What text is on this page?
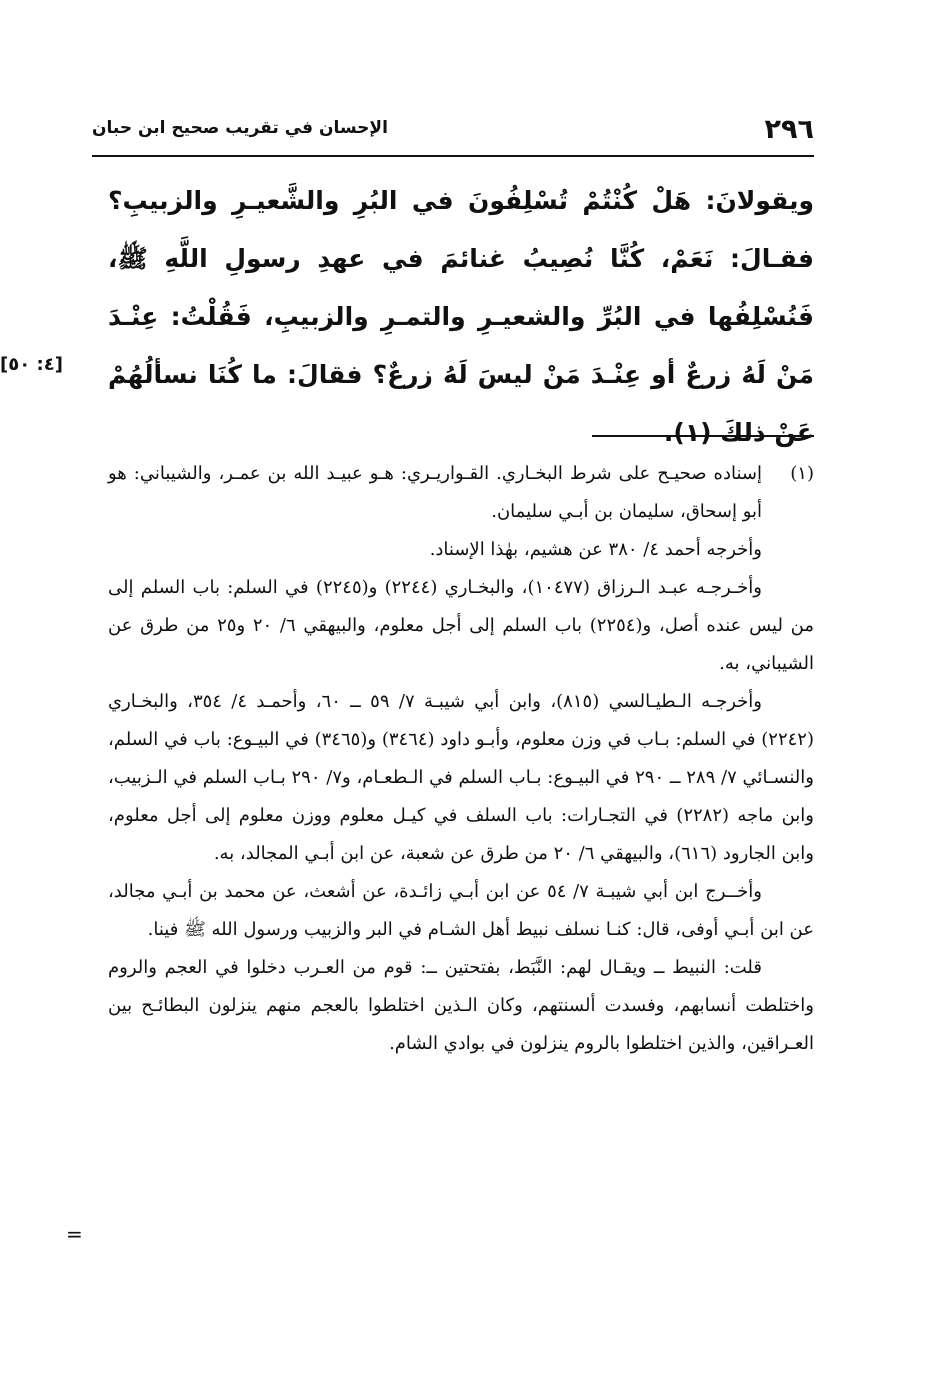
٢٩٦
الإحسان في تقريب صحيح ابن حبان

ويقولانَ: هَلْ كُنْتُمْ تُسْلِفُونَ في البُرِ والشَّعيـرِ والزبيبِ؟ فقـالَ: نَعَمْ، كُنَّا نُصِيبُ غنائمَ في عهدِ رسولِ اللَّهِ ﷺ، فَنُسْلِفُها في البُرِّ والشعيـرِ والتمـرِ والزبيبِ، فَقُلْتُ: عِنْـدَ مَنْ لَهُ زرعٌ أو عِنْـدَ مَنْ ليسَ لَهُ زرعٌ؟ فقالَ: ما كُنَا نسألُهُمْ عَنْ ذلكَ (١).

[٤: ٥٠]

(١)إسناده صحيـح على شرط البخـاري. القـواريـري: هـو عبيـد الله بن عمـر، والشيباني: هو أبو إسحاق، سليمان بن أبـي سليمان.

وأخرجه أحمد ٤/ ٣٨٠ عن هشيم، بهٰذا الإسناد.

وأخـرجـه عبـد الـرزاق (١٠٤٧٧)، والبخـاري (٢٢٤٤) و(٢٢٤٥) في السلم: باب السلم إلى من ليس عنده أصل، و(٢٢٥٤) باب السلم إلى أجل معلوم، والبيهقي ٦/ ٢٠ و٢٥ من طرق عن الشيباني، به.

وأخرجـه الـطيـالسي (٨١٥)، وابن أبي شيبـة ٧/ ٥٩ ــ ٦٠، وأحمـد ٤/ ٣٥٤، والبخـاري (٢٢٤٢) في السلم: بـاب في وزن معلوم، وأبـو داود (٣٤٦٤) و(٣٤٦٥) في البيـوع: باب في السلم، والنسـائي ٧/ ٢٨٩ ــ ٢٩٠ في البيـوع: بـاب السلم في الـطعـام، و٧/ ٢٩٠ بـاب السلم في الـزبيب، وابن ماجه (٢٢٨٢) في التجـارات: باب السلف في كيـل معلوم ووزن معلوم إلى أجل معلوم، وابن الجارود (٦١٦)، والبيهقي ٦/ ٢٠ من طرق عن شعبة، عن ابن أبـي المجالد، به.

وأخــرج ابن أبي شيبـة ٧/ ٥٤ عن ابن أبـي زائـدة، عن أشعث، عن محمد بن أبـي مجالد، عن ابن أبـي أوفى، قال: كنـا نسلف نبيط أهل الشـام في البر والزبيب ورسول الله ﷺ فينا.

قلت: النبيط ــ ويقـال لهم: النَّبَط، بفتحتين ــ: قوم من العـرب دخلوا في العجم والروم واختلطت أنسابهم، وفسدت ألسنتهم، وكان الـذين اختلطوا بالعجم منهم ينزلون البطائـح بين العـراقين، والذين اختلطوا بالروم ينزلون في بوادي الشام.

=
